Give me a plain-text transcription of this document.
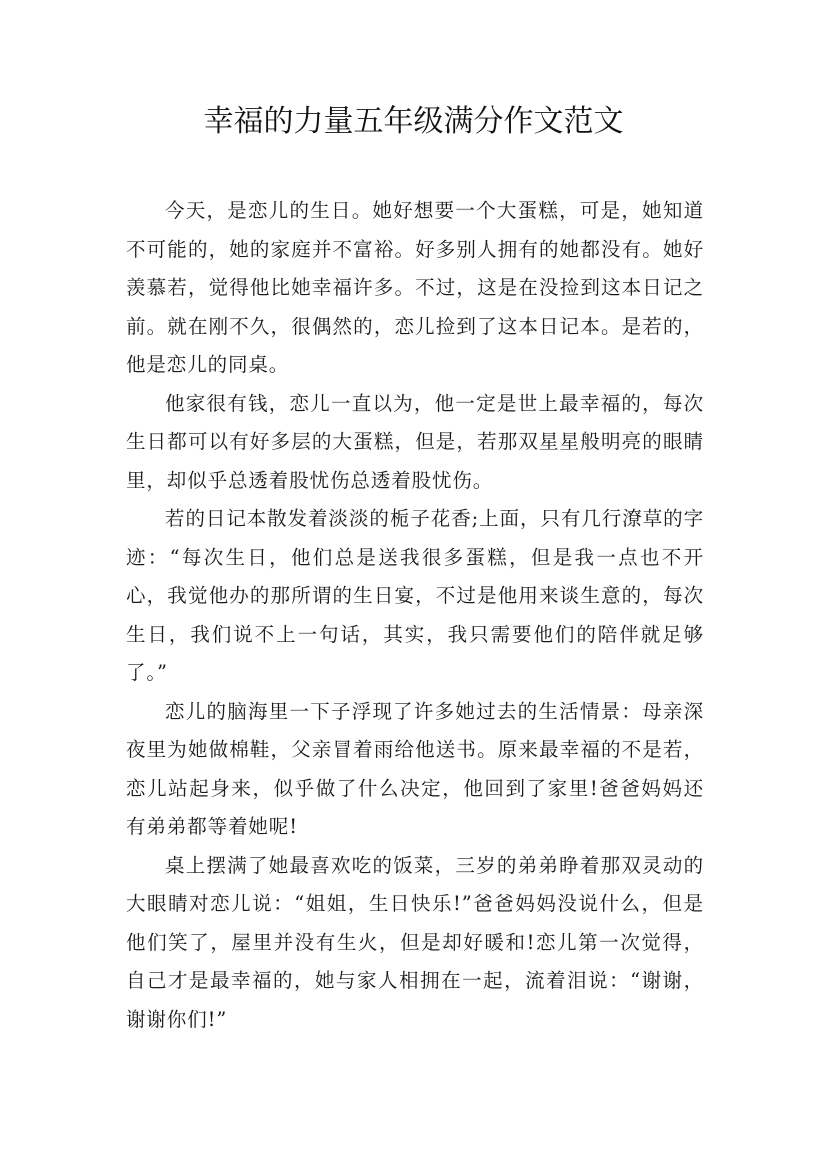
幸福的力量五年级满分作文范文

今天，是恋儿的生日。她好想要一个大蛋糕，可是，她知道不可能的，她的家庭并不富裕。好多别人拥有的她都没有。她好羡慕若，觉得他比她幸福许多。不过，这是在没捡到这本日记之前。就在刚不久，很偶然的，恋儿捡到了这本日记本。是若的，他是恋儿的同桌。

他家很有钱，恋儿一直以为，他一定是世上最幸福的，每次生日都可以有好多层的大蛋糕，但是，若那双星星般明亮的眼睛里，却似乎总透着股忧伤总透着股忧伤。

若的日记本散发着淡淡的栀子花香;上面，只有几行潦草的字迹：“每次生日，他们总是送我很多蛋糕，但是我一点也不开心，我觉他办的那所谓的生日宴，不过是他用来谈生意的，每次生日，我们说不上一句话，其实，我只需要他们的陪伴就足够了。”

恋儿的脑海里一下子浮现了许多她过去的生活情景：母亲深夜里为她做棉鞋，父亲冒着雨给他送书。原来最幸福的不是若，恋儿站起身来，似乎做了什么决定，他回到了家里!爸爸妈妈还有弟弟都等着她呢!

桌上摆满了她最喜欢吃的饭菜，三岁的弟弟睁着那双灵动的大眼睛对恋儿说：“姐姐，生日快乐!”爸爸妈妈没说什么，但是他们笑了，屋里并没有生火，但是却好暖和!恋儿第一次觉得，自己才是最幸福的，她与家人相拥在一起，流着泪说：“谢谢，谢谢你们!”
